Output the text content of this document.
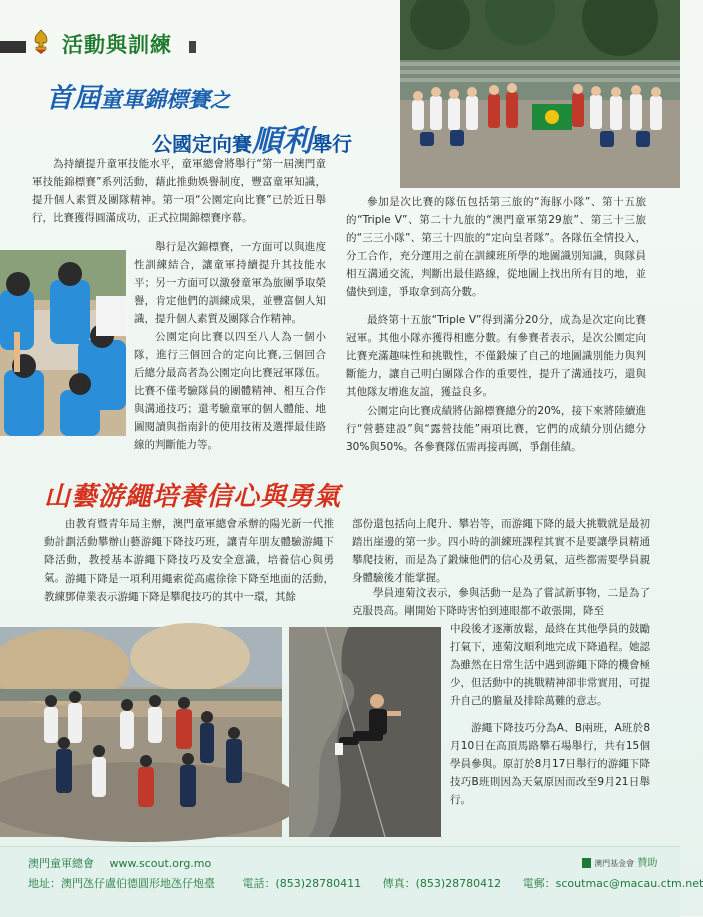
活動與訓練
首屆童軍錦標賽之
公國定向賽順利舉行

為持續提升童軍技能水平，童軍總會將舉行“第一屆澳門童軍技能錦標賽”系列活動，藉此推動娛譽制度，豐富童軍知識，提升個人素質及團隊精神。第一項“公園定向比賽”已於近日舉行，比賽獲得圓滿成功，正式拉開錦標賽序幕。

舉行是次錦標賽，一方面可以與進度性訓練結合，讓童軍持續提升其技能水平；另一方面可以激發童軍為旅團爭取榮譽，肯定他們的訓練成果，並豐富個人知識，提升個人素質及團隊合作精神。

公園定向比賽以四至八人為一個小隊，進行三個回合的定向比賽,三個回合后總分最高者為公園定向比賽冠軍隊伍。比賽不僅考驗隊員的團體精神、相互合作與溝通技巧；還考驗童軍的個人體能、地圖閱讀與指南針的使用技術及選擇最佳路線的判斷能力等。

參加是次比賽的隊伍包括第三旅的“海豚小隊”、第十五旅的“Triple V”、第二十九旅的“澳門童軍第29旅”、第三十三旅的“三三小隊”、第三十四旅的“定向皇者隊”。各隊伍全情投入，分工合作，充分運用之前在訓練班所學的地圖識別知識，與隊員相互溝通交流，判斷出最佳路線，從地圖上找出所有目的地，並儘快到達，爭取拿到高分數。

最終第十五旅“Triple V”得到滿分20分，成為是次定向比賽冠軍。其他小隊亦獲得相應分數。有參賽者表示，是次公園定向比賽充滿趣味性和挑戰性，不僅鍛煉了自己的地圖識別能力與判斷能力，讓自己明白團隊合作的重要性，提升了溝通技巧，還與其他隊友增進友誼，獲益良多。

公園定向比賽成績將佔錦標賽總分的20%，接下來將陸續進行“營藝建設”與“露營技能”兩項比賽，它們的成績分別佔總分30%與50%。各參賽隊伍需再接再厲，爭創佳績。

山藝游繩培養信心與勇氣

由教育暨青年局主辦，澳門童軍總會承辦的陽光新一代推動計劃活動攀辦山藝游繩下降技巧班，讓青年朋友體驗游繩下降活動，教授基本游繩下降技巧及安全意識，培養信心與勇氣。 游繩下降是一項利用繩索從高處徐徐下降至地面的活動，教練鄧偉業表示游繩下降是攀爬技巧的其中一環，其餘

部份還包括向上爬升、攀岩等，而游繩下降的最大挑戰就是最初踏出崖邊的第一步。四小時的訓練班課程其實不是要讓學員精通攀爬技術，而是為了鍛煉他們的信心及勇氣，這些都需要學員親身體驗後才能掌握。

學員連菊汶表示，參與活動一是為了嘗試新事物，二是為了克服畏高。剛開始下降時害怕到連眼都不敢張開，降至

中段後才逐漸放鬆，最終在其他學員的鼓勵打氣下，連菊汶順利地完成下降過程。她認為雖然在日常生活中遇到游繩下降的機會極少，但活動中的挑戰精神卻非常實用，可提升自己的膽量及排除萬難的意志。

游繩下降技巧分為A、B兩班，A班於8月10日在高頂馬路攀石場舉行，共有15個學員參與。原訂於8月17日舉行的游繩下降技巧B班則因為天氣原因而改至9月21日舉行。

澳門童軍總會 www.scout.org.mo
地址：澳門氹仔盧伯德圓形地氹仔炮臺	電話：(853)28780411 傳真：(853)28780412 電郵：scoutmac@macau.ctm.net
澳門基金會 贊助
